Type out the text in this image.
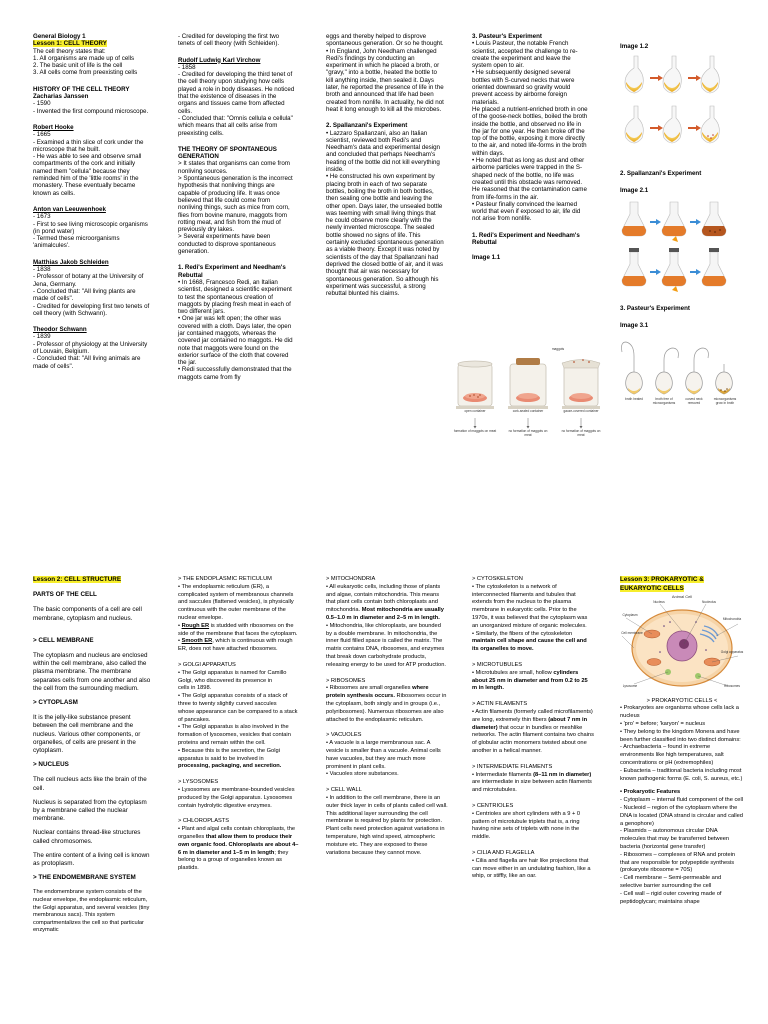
General Biology 1
Lesson 1: CELL THEORY

The cell theory states that:
1. All organisms are made up of cells
2. The basic unit of life is the cell
3. All cells come from preexisting cells

HISTORY OF THE CELL THEORY
Zacharias Janssen

- 1590
- Invented the first compound microscope.

Robert Hooke

- 1665
- Examined a thin slice of cork under the microscope that he built.
- He was able to see and observe small compartments of the cork and initially named them "cellula" because they reminded him of the 'little rooms' in the monastery. These eventually became known as cells.

Anton van Leeuwenhoek

- 1673
- First to see living microscopic organisms (in pond water)
- Termed these microorganisms 'animalcules'.

Matthias Jakob Schleiden

- 1838
- Professor of botany at the University of Jena, Germany.
- Concluded that: "All living plants are made of cells".
- Credited for developing first two tenets of cell theory (with Schwann).

Theodor Schwann

- 1839
- Professor of physiology at the University of Louvain, Belgium.
- Concluded that: "All living animals are made of cells".

- Credited for developing the first two tenets of cell theory (with Schleiden).

Rudolf Ludwig Karl Virchow

- 1858
- Credited for developing the third tenet of the cell theory upon studying how cells played a role in body diseases. He noticed that the existence of diseases in the organs and tissues came from affected cells.
- Concluded that: "Omnis cellula e cellula" which means that all cells arise from preexisting cells.

THE THEORY OF SPONTANEOUS GENERATION

> It states that organisms can come from nonliving sources.
> Spontaneous generation is the incorrect hypothesis that nonliving things are capable of producing life. It was once believed that life could come from nonliving things, such as mice from corn, flies from bovine manure, maggots from rotting meat, and fish from the mud of previously dry lakes.
> Several experiments have been conducted to disprove spontaneous generation.

1. Redi's Experiment and Needham's Rebuttal

• In 1668, Francesco Redi, an Italian scientist, designed a scientific experiment to test the spontaneous creation of maggots by placing fresh meat in each of two different jars.
• One jar was left open; the other was covered with a cloth. Days later, the open jar contained maggots, whereas the covered jar contained no maggots. He did note that maggots were found on the exterior surface of the cloth that covered the jar.
• Redi successfully demonstrated that the maggots came from fly

eggs and thereby helped to disprove spontaneous generation. Or so he thought.
• In England, John Needham challenged Redi's findings by conducting an experiment in which he placed a broth, or "gravy," into a bottle, heated the bottle to kill anything inside, then sealed it. Days later, he reported the presence of life in the broth and announced that life had been created from nonlife. In actuality, he did not heat it long enough to kill all the microbes.

2. Spallanzani's Experiment

• Lazzaro Spallanzani, also an Italian scientist, reviewed both Redi's and Needham's data and experimental design and concluded that perhaps Needham's heating of the bottle did not kill everything inside.
• He constructed his own experiment by placing broth in each of two separate bottles, boiling the broth in both bottles, then sealing one bottle and leaving the other open. Days later, the unsealed bottle was teeming with small living things that he could observe more clearly with the newly invented microscope. The sealed bottle showed no signs of life. This certainly excluded spontaneous generation as a viable theory. Except it was noted by scientists of the day that Spallanzani had deprived the closed bottle of air, and it was thought that air was necessary for spontaneous generation. So although his experiment was successful, a strong rebuttal blunted his claims.

3. Pasteur's Experiment

• Louis Pasteur, the notable French scientist, accepted the challenge to re-create the experiment and leave the system open to air.
• He subsequently designed several bottles with S-curved necks that were oriented downward so gravity would prevent access by airborne foreign materials.
He placed a nutrient-enriched broth in one of the goose-neck bottles, boiled the broth inside the bottle, and observed no life in the jar for one year. He then broke off the top of the bottle, exposing it more directly to the air, and noted life-forms in the broth within days.
• He noted that as long as dust and other airborne particles were trapped in the S- shaped neck of the bottle, no life was created until this obstacle was removed. He reasoned that the contamination came from life-forms in the air.
• Pasteur finally convinced the learned world that even if exposed to air, life did not arise from nonlife.

1. Redi's Experiment and Needham's Rebuttal
Image 1.1
open container	cork-sealed container	gauze-covered container
formation of maggots on meat	no formation of maggots on meat
no formation of maggots on meat
maggots
Image 1.2
2. Spallanzani's Experiment
Image 2.1
3. Pasteur's Experiment
Image 3.1
broth heated	broth free of microorganisms
curved neck removed
microorganisms grow in broth
Lesson 2: CELL STRUCTURE
PARTS OF THE CELL

The basic components of a cell are cell membrane, cytoplasm and nucleus.

> CELL MEMBRANE

The cytoplasm and nucleus are enclosed within the cell membrane, also called the plasma membrane. The membrane separates cells from one another and also the cell from the surrounding medium.

> CYTOPLASM

It is the jelly-like substance present between the cell membrane and the nucleus. Various other components, or organelles, of cells are present in the cytoplasm.

> NUCLEUS

The cell nucleus acts like the brain of the cell.

Nucleus is separated from the cytoplasm by a membrane called the nuclear membrane.

Nuclear contains thread-like structures called chromosomes.

The entire content of a living cell is known as protoplasm.

> THE ENDOMEMBRANE SYSTEM

The endomembrane system consists of the nuclear envelope, the endoplasmic reticulum, the Golgi apparatus, and several vesicles (tiny membranous sacs). This system compartmentalizes the cell so that particular enzymatic

> THE ENDOPLASMIC RETICULUM

• The endoplasmic reticulum (ER), a complicated system of membranous channels and saccules (flattened vesicles), is physically continuous with the outer membrane of the nuclear envelope.

• Rough ER is studded with ribosomes on the side of the membrane that faces the cytoplasm.
• Smooth ER, which is continuous with rough ER, does not have attached ribosomes.

> GOLGI APPARATUS

• The Golgi apparatus is named for Camillo Golgi, who discovered its presence in
cells in 1898.
• The Golgi apparatus consists of a stack of three to twenty slightly curved saccules
whose appearance can be compared to a stack of pancakes.
• The Golgi apparatus is also involved in the formation of lysosomes, vesicles that contain proteins and remain within the cell.
• Because this is the secretion, the Golgi apparatus is said to be involved in

processing, packaging, and secretion.

> LYSOSOMES

• Lysosomes are membrane-bounded vesicles produced by the Golgi apparatus. Lysosomes contain hydrolytic digestive enzymes.

> CHLOROPLASTS

• Plant and algal cells contain chloroplasts, the organelles that allow them to produce their own organic food. Chloroplasts are about 4–6 m in diameter and 1–5 m in length; they belong to a group of organelles known as plastids.

> MITOCHONDRIA

• All eukaryotic cells, including those of plants and algae, contain mitochondria. This means that plant cells contain both chloroplasts and mitochondria. Most mitochondria are usually 0.5–1.0 m in diameter and 2–5 m in length.

• Mitochondria, like chloroplasts, are bounded by a double membrane. In mitochondria, the inner fluid filled space is called the matrix. The matrix contains DNA, ribosomes, and enzymes that break down carbohydrate products, releasing energy to be used for ATP production.

> RIBOSOMES

• Ribosomes are small organelles where protein synthesis occurs. Ribosomes occur in the cytoplasm, both singly and in groups (i.e., polyribosomes). Numerous ribosomes are also attached to the endoplasmic reticulum.

> VACUOLES

• A vacuole is a large membranous sac. A vesicle is smaller than a vacuole. Animal cells
have vacuoles, but they are much more prominent in plant cells.
• Vacuoles store substances.

> CELL WALL

• In addition to the cell membrane, there is an outer thick layer in cells of plants called cell wall. This additional layer surrounding the cell membrane is required by plants for protection. Plant cells need protection against variations in temperature, high wind speed, atmospheric moisture etc. They are exposed to these variations because they cannot move.

> CYTOSKELETON

• The cytoskeleton is a network of interconnected filaments and tubules that extends from the nucleus to the plasma membrane in eukaryotic cells. Prior to the 1970s, it was believed that the cytoplasm was an unorganized mixture of organic molecules.
• Similarly, the fibers of the cytoskeleton maintain cell shape and cause the cell and its organelles to move.

> MICROTUBULES

• Microtubules are small, hollow cylinders about 25 nm in diameter and from 0.2 to 25 m in length.

> ACTIN FILAMENTS

• Actin filaments (formerly called microfilaments) are long, extremely thin fibers (about 7 nm in diameter) that occur in bundles or meshlike networks. The actin filament contains two chains of globular actin monomers twisted about one another in a helical manner.

> INTERMEDIATE FILAMENTS

• Intermediate filaments (8–11 nm in diameter) are intermediate in size between actin filaments and microtubules.

> CENTRIOLES

• Centrioles are short cylinders with a 9 + 0 pattern of microtubule triplets that is, a ring having nine sets of triplets with none in the middle.

> CILIA AND FLAGELLA

• Cilia and flagella are hair like projections that can move either in an undulating fashion, like a whip, or stiffly, like an oar.

Lesson 3: PROKARYOTIC & EUKARYOTIC CELLS
Animal Cell
Nucleus	Nucleolus
Cell membrane
Cytoplasm
Mitochondria
Golgi apparatus
Lysosome	Ribosomes
> PROKARYOTIC CELLS <

• Prokaryotes are organisms whose cells lack a nucleus
• 'pro' = before; 'karyon' = nucleus
• They belong to the kingdom Monera and have been further classified into two distinct domains:
- Archaebacteria – found in extreme environments like high temperatures, salt concentrations or pH (extremophiles)
- Eubacteria – traditional bacteria including most known pathogenic forms (E. coli, S. aureus, etc.)

• Prokaryotic Features

- Cytoplasm – internal fluid component of the cell
- Nucleoid – region of the cytoplasm where the DNA is located (DNA strand is circular and called a genophore)
- Plasmids – autonomous circular DNA molecules that may be transferred between bacteria (horizontal gene transfer)
- Ribosomes – complexes of RNA and protein that are responsible for polypeptide synthesis (prokaryote ribosome = 70S)
- Cell membrane – Semi-permeable and selective barrier surrounding the cell
- Cell wall – rigid outer covering made of peptidoglycan; maintains shape
